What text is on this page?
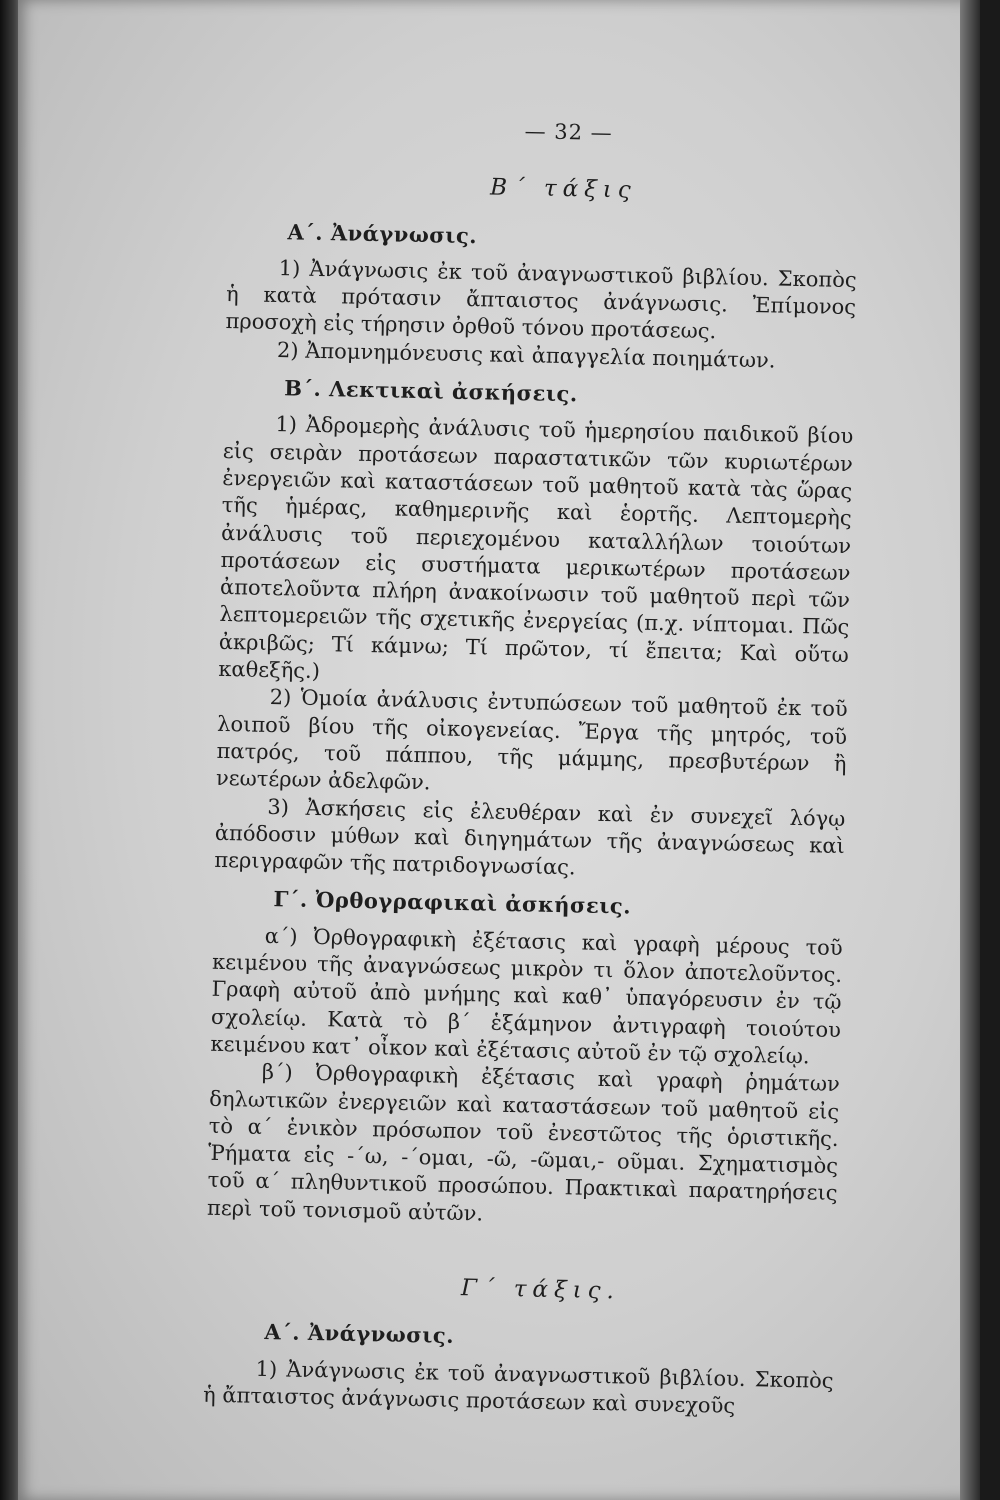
— 32 —
Β΄ τάξις
Α΄. Ἀνάγνωσις.

1) Ἀνάγνωσις ἐκ τοῦ ἀναγνωστικοῦ βιβλίου. Σκοπὸς ἡ κατὰ πρότασιν ἄπταιστος ἀνάγνωσις. Ἐπίμονος προσοχὴ εἰς τήρησιν ὀρθοῦ τόνου προτάσεως.

2) Ἀπομνημόνευσις καὶ ἀπαγγελία ποιημάτων.

Β΄. Λεκτικαὶ ἀσκήσεις.

1) Ἀδρομερὴς ἀνάλυσις τοῦ ἡμερησίου παιδικοῦ βίου εἰς σειρὰν προτάσεων παραστατικῶν τῶν κυριωτέρων ἐνεργειῶν καὶ καταστάσεων τοῦ μαθητοῦ κατὰ τὰς ὥρας τῆς ἡμέρας, καθημερινῆς καὶ ἑορτῆς. Λεπτομερὴς ἀνάλυσις τοῦ περιεχομένου καταλλήλων τοιούτων προτάσεων εἰς συστήματα μερικωτέρων προτάσεων ἀποτελοῦντα πλήρη ἀνακοίνωσιν τοῦ μαθητοῦ περὶ τῶν λεπτομερειῶν τῆς σχετικῆς ἐνεργείας (π.χ. νίπτομαι. Πῶς ἀκριβῶς; Τί κάμνω; Τί πρῶτον, τί ἔπειτα; Καὶ οὕτω καθεξῆς.)

2) Ὁμοία ἀνάλυσις ἐντυπώσεων τοῦ μαθητοῦ ἐκ τοῦ λοιποῦ βίου τῆς οἰκογενείας. Ἔργα τῆς μητρός, τοῦ πατρός, τοῦ πάππου, τῆς μάμμης, πρεσβυτέρων ἢ νεωτέρων ἀδελφῶν.

3) Ἀσκήσεις εἰς ἐλευθέραν καὶ ἐν συνεχεῖ λόγῳ ἀπόδοσιν μύθων καὶ διηγημάτων τῆς ἀναγνώσεως καὶ περιγραφῶν τῆς πατριδογνωσίας.

Γ΄. Ὀρθογραφικαὶ ἀσκήσεις.

α΄) Ὀρθογραφικὴ ἐξέτασις καὶ γραφὴ μέρους τοῦ κειμένου τῆς ἀναγνώσεως μικρὸν τι ὅλον ἀποτελοῦντος. Γραφὴ αὐτοῦ ἀπὸ μνήμης καὶ καθ᾽ ὑπαγόρευσιν ἐν τῷ σχολείῳ. Κατὰ τὸ β΄ ἑξάμηνον ἀντιγραφὴ τοιούτου κειμένου κατ᾽ οἶκον καὶ ἐξέτασις αὐτοῦ ἐν τῷ σχολείῳ.

β΄) Ὀρθογραφικὴ ἐξέτασις καὶ γραφὴ ῥημάτων δηλωτικῶν ἐνεργειῶν καὶ καταστάσεων τοῦ μαθητοῦ εἰς τὸ α΄ ἑνικὸν πρόσωπον τοῦ ἐνεστῶτος τῆς ὁριστικῆς. Ῥήματα εἰς -΄ω, -΄ομαι, -ῶ, -ῶμαι,- οῦμαι. Σχηματισμὸς τοῦ α΄ πληθυντικοῦ προσώπου. Πρακτικαὶ παρατηρήσεις περὶ τοῦ τονισμοῦ αὐτῶν.

Γ΄ τάξις.
Α΄. Ἀνάγνωσις.

1) Ἀνάγνωσις ἐκ τοῦ ἀναγνωστικοῦ βιβλίου. Σκοπὸς ἡ ἄπταιστος ἀνάγνωσις προτάσεων καὶ συνεχοῦς
